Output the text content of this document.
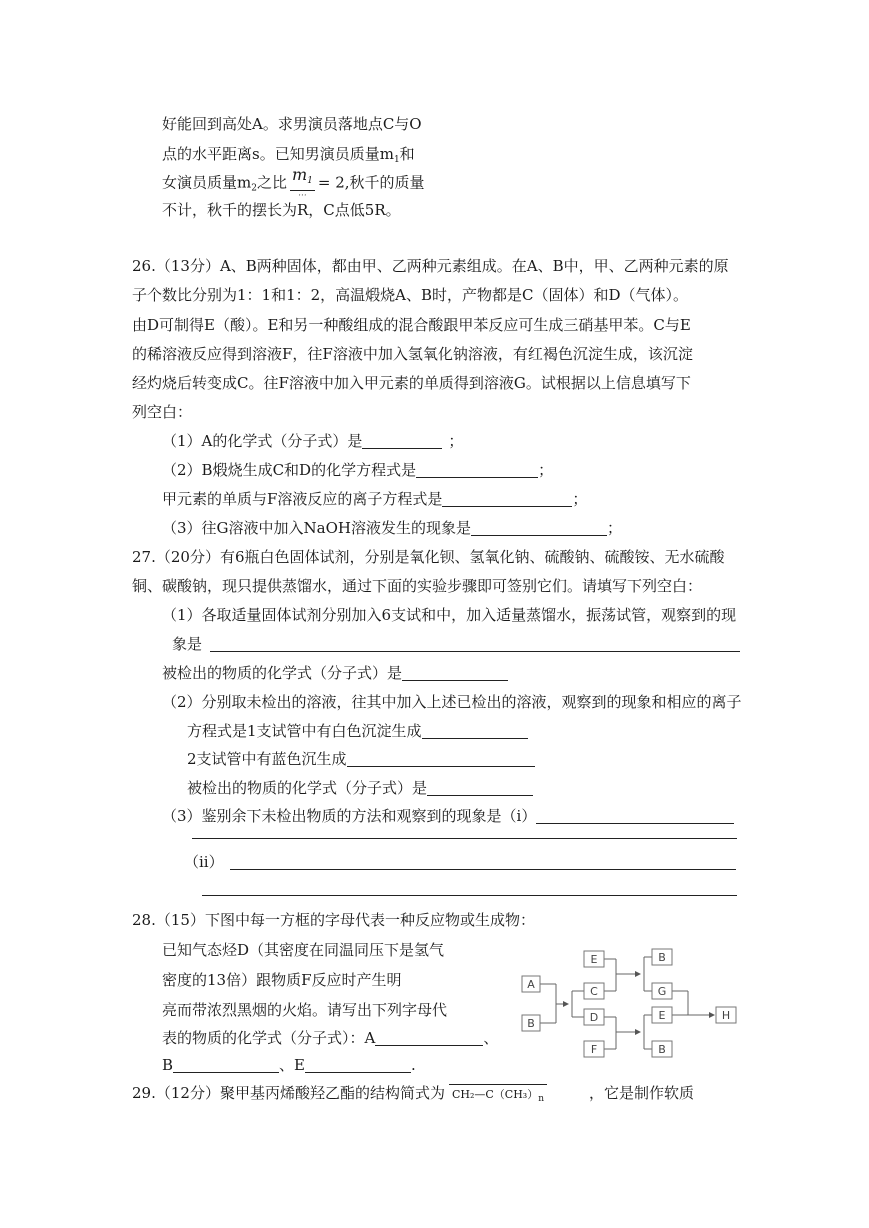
好能回到高处A。求男演员落地点C与O
点的水平距离s。已知男演员质量$m_1$和
女演员质量$m_2$之比 $\frac{m_1}{\cdot\cdot\cdot} = 2$,秋千的质量
不计，秋千的摆长为R，C点低5R。
26.（13分）A、B两种固体，都由甲、乙两种元素组成。在A、B中，甲、乙两种元素的原
子个数比分别为1：1和1：2，高温煅烧A、B时，产物都是C（固体）和D（气体）。
由D可制得E（酸）。E和另一种酸组成的混合酸跟甲苯反应可生成三硝基甲苯。C与E
的稀溶液反应得到溶液F，往F溶液中加入氢氧化钠溶液，有红褐色沉淀生成，该沉淀
经灼烧后转变成C。往F溶液中加入甲元素的单质得到溶液G。试根据以上信息填写下
列空白：
（1）A的化学式（分子式）是	；
（2）B煅烧生成C和D的化学方程式是	；
甲元素的单质与F溶液反应的离子方程式是	；
（3）往G溶液中加入NaOH溶液发生的现象是	；
27.（20分）有6瓶白色固体试剂，分别是氧化钡、氢氧化钠、硫酸钠、硫酸铵、无水硫酸
铜、碳酸钠，现只提供蒸馏水，通过下面的实验步骤即可签别它们。请填写下列空白：
（1）各取适量固体试剂分别加入6支试和中，加入适量蒸馏水，振荡试管，观察到的现
象是
被检出的物质的化学式（分子式）是
（2）分别取未检出的溶液，往其中加入上述已检出的溶液，观察到的现象和相应的离子
方程式是1支试管中有白色沉淀生成
2支试管中有蓝色沉生成
被检出的物质的化学式（分子式）是
（3）鉴别余下未检出物质的方法和观察到的现象是（i）
（ii）
28.（15）下图中每一方框的字母代表一种反应物或生成物：
已知气态烃D（其密度在同温同压下是氢气
密度的13倍）跟物质F反应时产生明
亮而带浓烈黑烟的火焰。请写出下列字母代
表的物质的化学式（分子式）：A	、
B	、E	.
A
B
E
C
D
F
B
G
E
B
H
29.（12分）聚甲基丙烯酸羟乙酯的结构简式为 $CH_2—C(CH_3)_n$	，它是制作软质
